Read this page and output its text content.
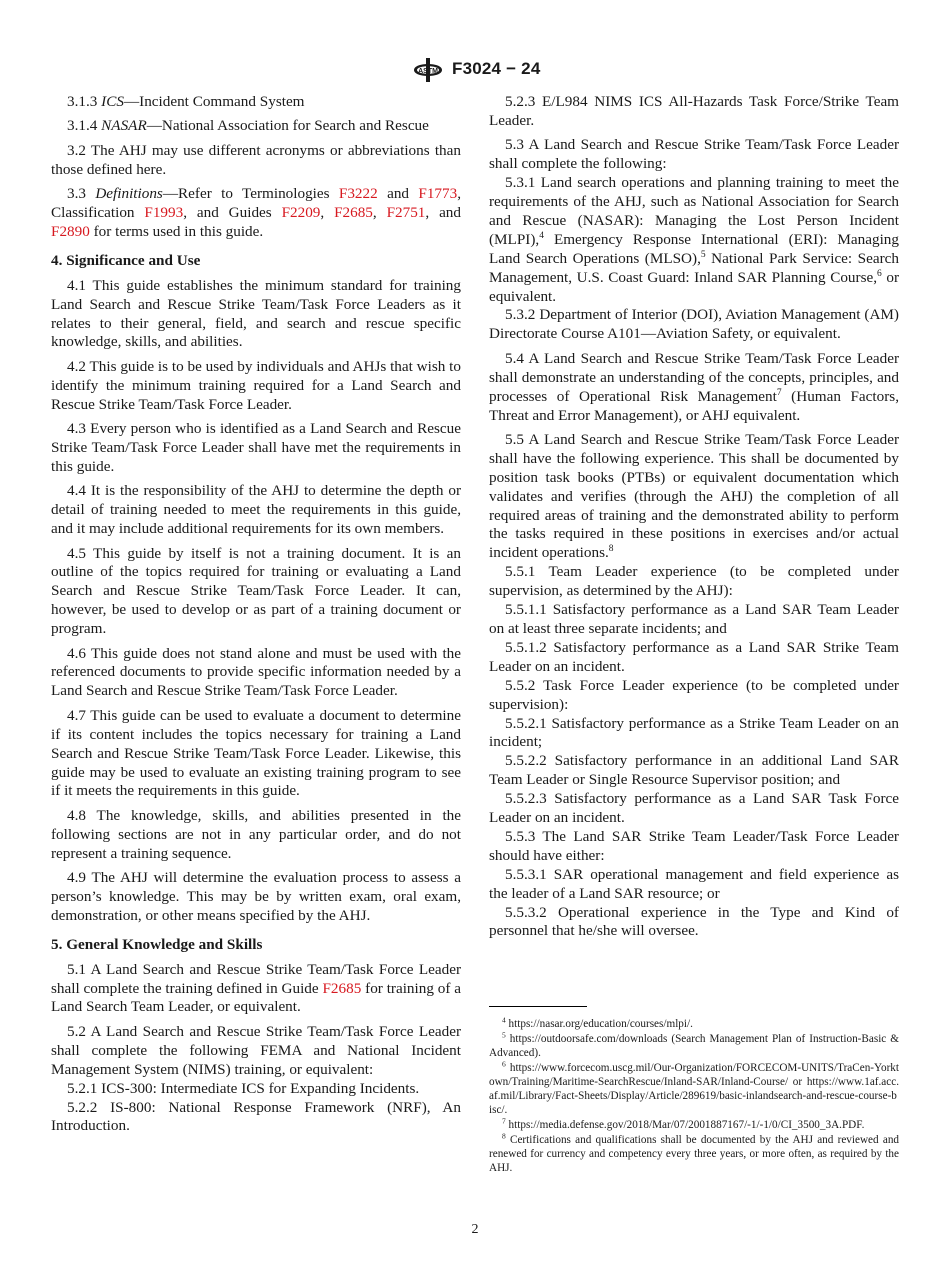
ASTM F3024 − 24

3.1.3 ICS—Incident Command System

3.1.4 NASAR—National Association for Search and Rescue

3.2 The AHJ may use different acronyms or abbreviations than those defined here.

3.3 Definitions—Refer to Terminologies F3222 and F1773, Classification F1993, and Guides F2209, F2685, F2751, and F2890 for terms used in this guide.

4. Significance and Use

4.1 This guide establishes the minimum standard for training Land Search and Rescue Strike Team/Task Force Leaders as it relates to their general, field, and search and rescue specific knowledge, skills, and abilities.

4.2 This guide is to be used by individuals and AHJs that wish to identify the minimum training required for a Land Search and Rescue Strike Team/Task Force Leader.

4.3 Every person who is identified as a Land Search and Rescue Strike Team/Task Force Leader shall have met the requirements in this guide.

4.4 It is the responsibility of the AHJ to determine the depth or detail of training needed to meet the requirements in this guide, and it may include additional requirements for its own members.

4.5 This guide by itself is not a training document. It is an outline of the topics required for training or evaluating a Land Search and Rescue Strike Team/Task Force Leader. It can, however, be used to develop or as part of a training document or program.

4.6 This guide does not stand alone and must be used with the referenced documents to provide specific information needed by a Land Search and Rescue Strike Team/Task Force Leader.

4.7 This guide can be used to evaluate a document to determine if its content includes the topics necessary for training a Land Search and Rescue Strike Team/Task Force Leader. Likewise, this guide may be used to evaluate an existing training program to see if it meets the requirements in this guide.

4.8 The knowledge, skills, and abilities presented in the following sections are not in any particular order, and do not represent a training sequence.

4.9 The AHJ will determine the evaluation process to assess a person’s knowledge. This may be by written exam, oral exam, demonstration, or other means specified by the AHJ.

5. General Knowledge and Skills

5.1 A Land Search and Rescue Strike Team/Task Force Leader shall complete the training defined in Guide F2685 for training of a Land Search Team Leader, or equivalent.

5.2 A Land Search and Rescue Strike Team/Task Force Leader shall complete the following FEMA and National Incident Management System (NIMS) training, or equivalent:

5.2.1 ICS-300: Intermediate ICS for Expanding Incidents.

5.2.2 IS-800: National Response Framework (NRF), An Introduction.

5.2.3 E/L984 NIMS ICS All-Hazards Task Force/Strike Team Leader.

5.3 A Land Search and Rescue Strike Team/Task Force Leader shall complete the following:

5.3.1 Land search operations and planning training to meet the requirements of the AHJ, such as National Association for Search and Rescue (NASAR): Managing the Lost Person Incident (MLPI),$^4$ Emergency Response International (ERI): Managing Land Search Operations (MLSO),$^5$ National Park Service: Search Management, U.S. Coast Guard: Inland SAR Planning Course,$^6$ or equivalent.

5.3.2 Department of Interior (DOI), Aviation Management (AM) Directorate Course A101—Aviation Safety, or equivalent.

5.4 A Land Search and Rescue Strike Team/Task Force Leader shall demonstrate an understanding of the concepts, principles, and processes of Operational Risk Management$^7$ (Human Factors, Threat and Error Management), or AHJ equivalent.

5.5 A Land Search and Rescue Strike Team/Task Force Leader shall have the following experience. This shall be documented by position task books (PTBs) or equivalent documentation which validates and verifies (through the AHJ) the completion of all required areas of training and the demonstrated ability to perform the tasks required in these positions in exercises and/or actual incident operations.$^8$

5.5.1 Team Leader experience (to be completed under supervision, as determined by the AHJ):

5.5.1.1 Satisfactory performance as a Land SAR Team Leader on at least three separate incidents; and

5.5.1.2 Satisfactory performance as a Land SAR Strike Team Leader on an incident.

5.5.2 Task Force Leader experience (to be completed under supervision):

5.5.2.1 Satisfactory performance as a Strike Team Leader on an incident;

5.5.2.2 Satisfactory performance in an additional Land SAR Team Leader or Single Resource Supervisor position; and

5.5.2.3 Satisfactory performance as a Land SAR Task Force Leader on an incident.

5.5.3 The Land SAR Strike Team Leader/Task Force Leader should have either:

5.5.3.1 SAR operational management and field experience as the leader of a Land SAR resource; or

5.5.3.2 Operational experience in the Type and Kind of personnel that he/she will oversee.

$^4$ https://nasar.org/education/courses/mlpi/.

$^5$ https://outdoorsafe.com/downloads (Search Management Plan of Instruction-Basic & Advanced).

$^6$ https://www.forcecom.uscg.mil/Our-Organization/FORCECOM-UNITS/TraCen-Yorktown/Training/Maritime-SearchRescue/Inland-SAR/Inland-Course/ or https://www.1af.acc.af.mil/Library/Fact-Sheets/Display/Article/289619/basic-inlandsearch-and-rescue-course-bisc/.

$^7$ https://media.defense.gov/2018/Mar/07/2001887167/-1/-1/0/CI_3500_3A.PDF.

$^8$ Certifications and qualifications shall be documented by the AHJ and reviewed and renewed for currency and competency every three years, or more often, as required by the AHJ.

2
